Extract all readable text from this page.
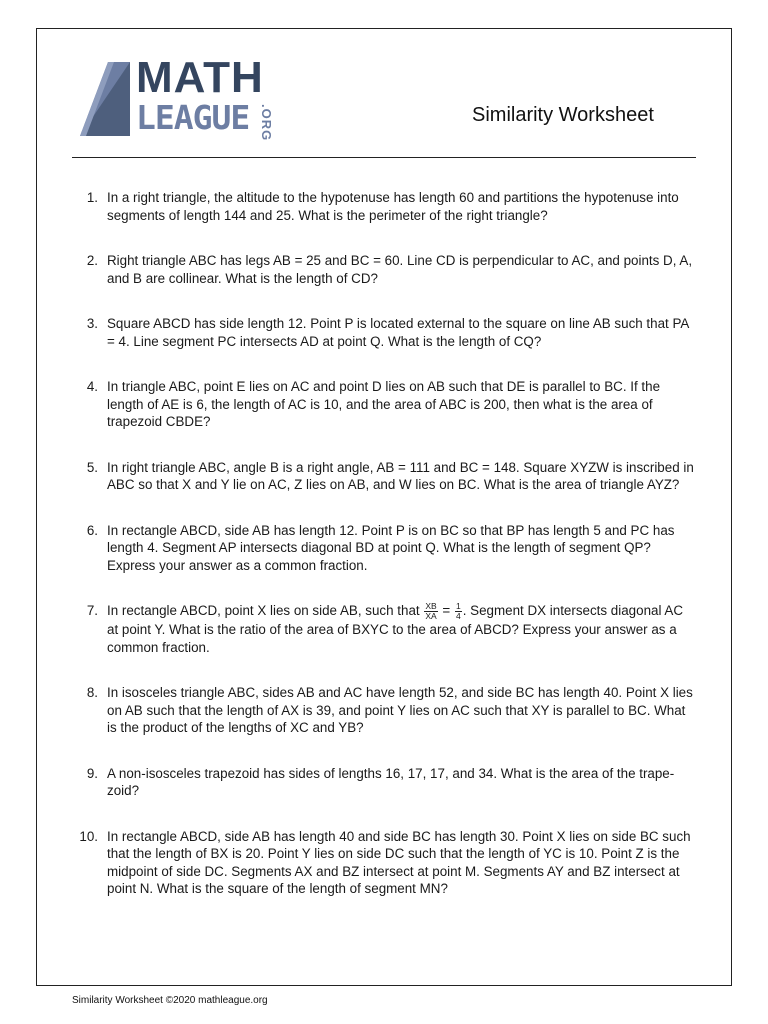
MATH
LEAGUE .ORG	Similarity Worksheet
1. In a right triangle, the altitude to the hypotenuse has length 60 and partitions the hypotenuse into segments of length 144 and 25. What is the perimeter of the right triangle?
2. Right triangle ABC has legs AB = 25 and BC = 60. Line CD is perpendicular to AC, and points D, A, and B are collinear. What is the length of CD?
3. Square ABCD has side length 12. Point P is located external to the square on line AB such that PA = 4. Line segment PC intersects AD at point Q. What is the length of CQ?
4. In triangle ABC, point E lies on AC and point D lies on AB such that DE is parallel to BC. If the length of AE is 6, the length of AC is 10, and the area of ABC is 200, then what is the area of trapezoid CBDE?
5. In right triangle ABC, angle B is a right angle, AB = 111 and BC = 148. Square XYZW is inscribed in ABC so that X and Y lie on AC, Z lies on AB, and W lies on BC. What is the area of triangle AYZ?
6. In rectangle ABCD, side AB has length 12. Point P is on BC so that BP has length 5 and PC has length 4. Segment AP intersects diagonal BD at point Q. What is the length of segment QP? Express your answer as a common fraction.
7. In rectangle ABCD, point X lies on side AB, such that $\frac{XB}{XA} = \frac{1}{4}$ . Segment DX intersects diagonal AC at point Y. What is the ratio of the area of BXYC to the area of ABCD? Express your answer as a common fraction.
8. In isosceles triangle ABC, sides AB and AC have length 52, and side BC has length 40. Point X lies on AB such that the length of AX is 39, and point Y lies on AC such that XY is parallel to BC. What is the product of the lengths of XC and YB?
9. A non-isosceles trapezoid has sides of lengths 16, 17, 17, and 34. What is the area of the trape-zoid?
10. In rectangle ABCD, side AB has length 40 and side BC has length 30. Point X lies on side BC such that the length of BX is 20. Point Y lies on side DC such that the length of YC is 10. Point Z is the midpoint of side DC. Segments AX and BZ intersect at point M. Segments AY and BZ intersect at point N. What is the square of the length of segment MN?
Similarity Worksheet ©2020 mathleague.org
